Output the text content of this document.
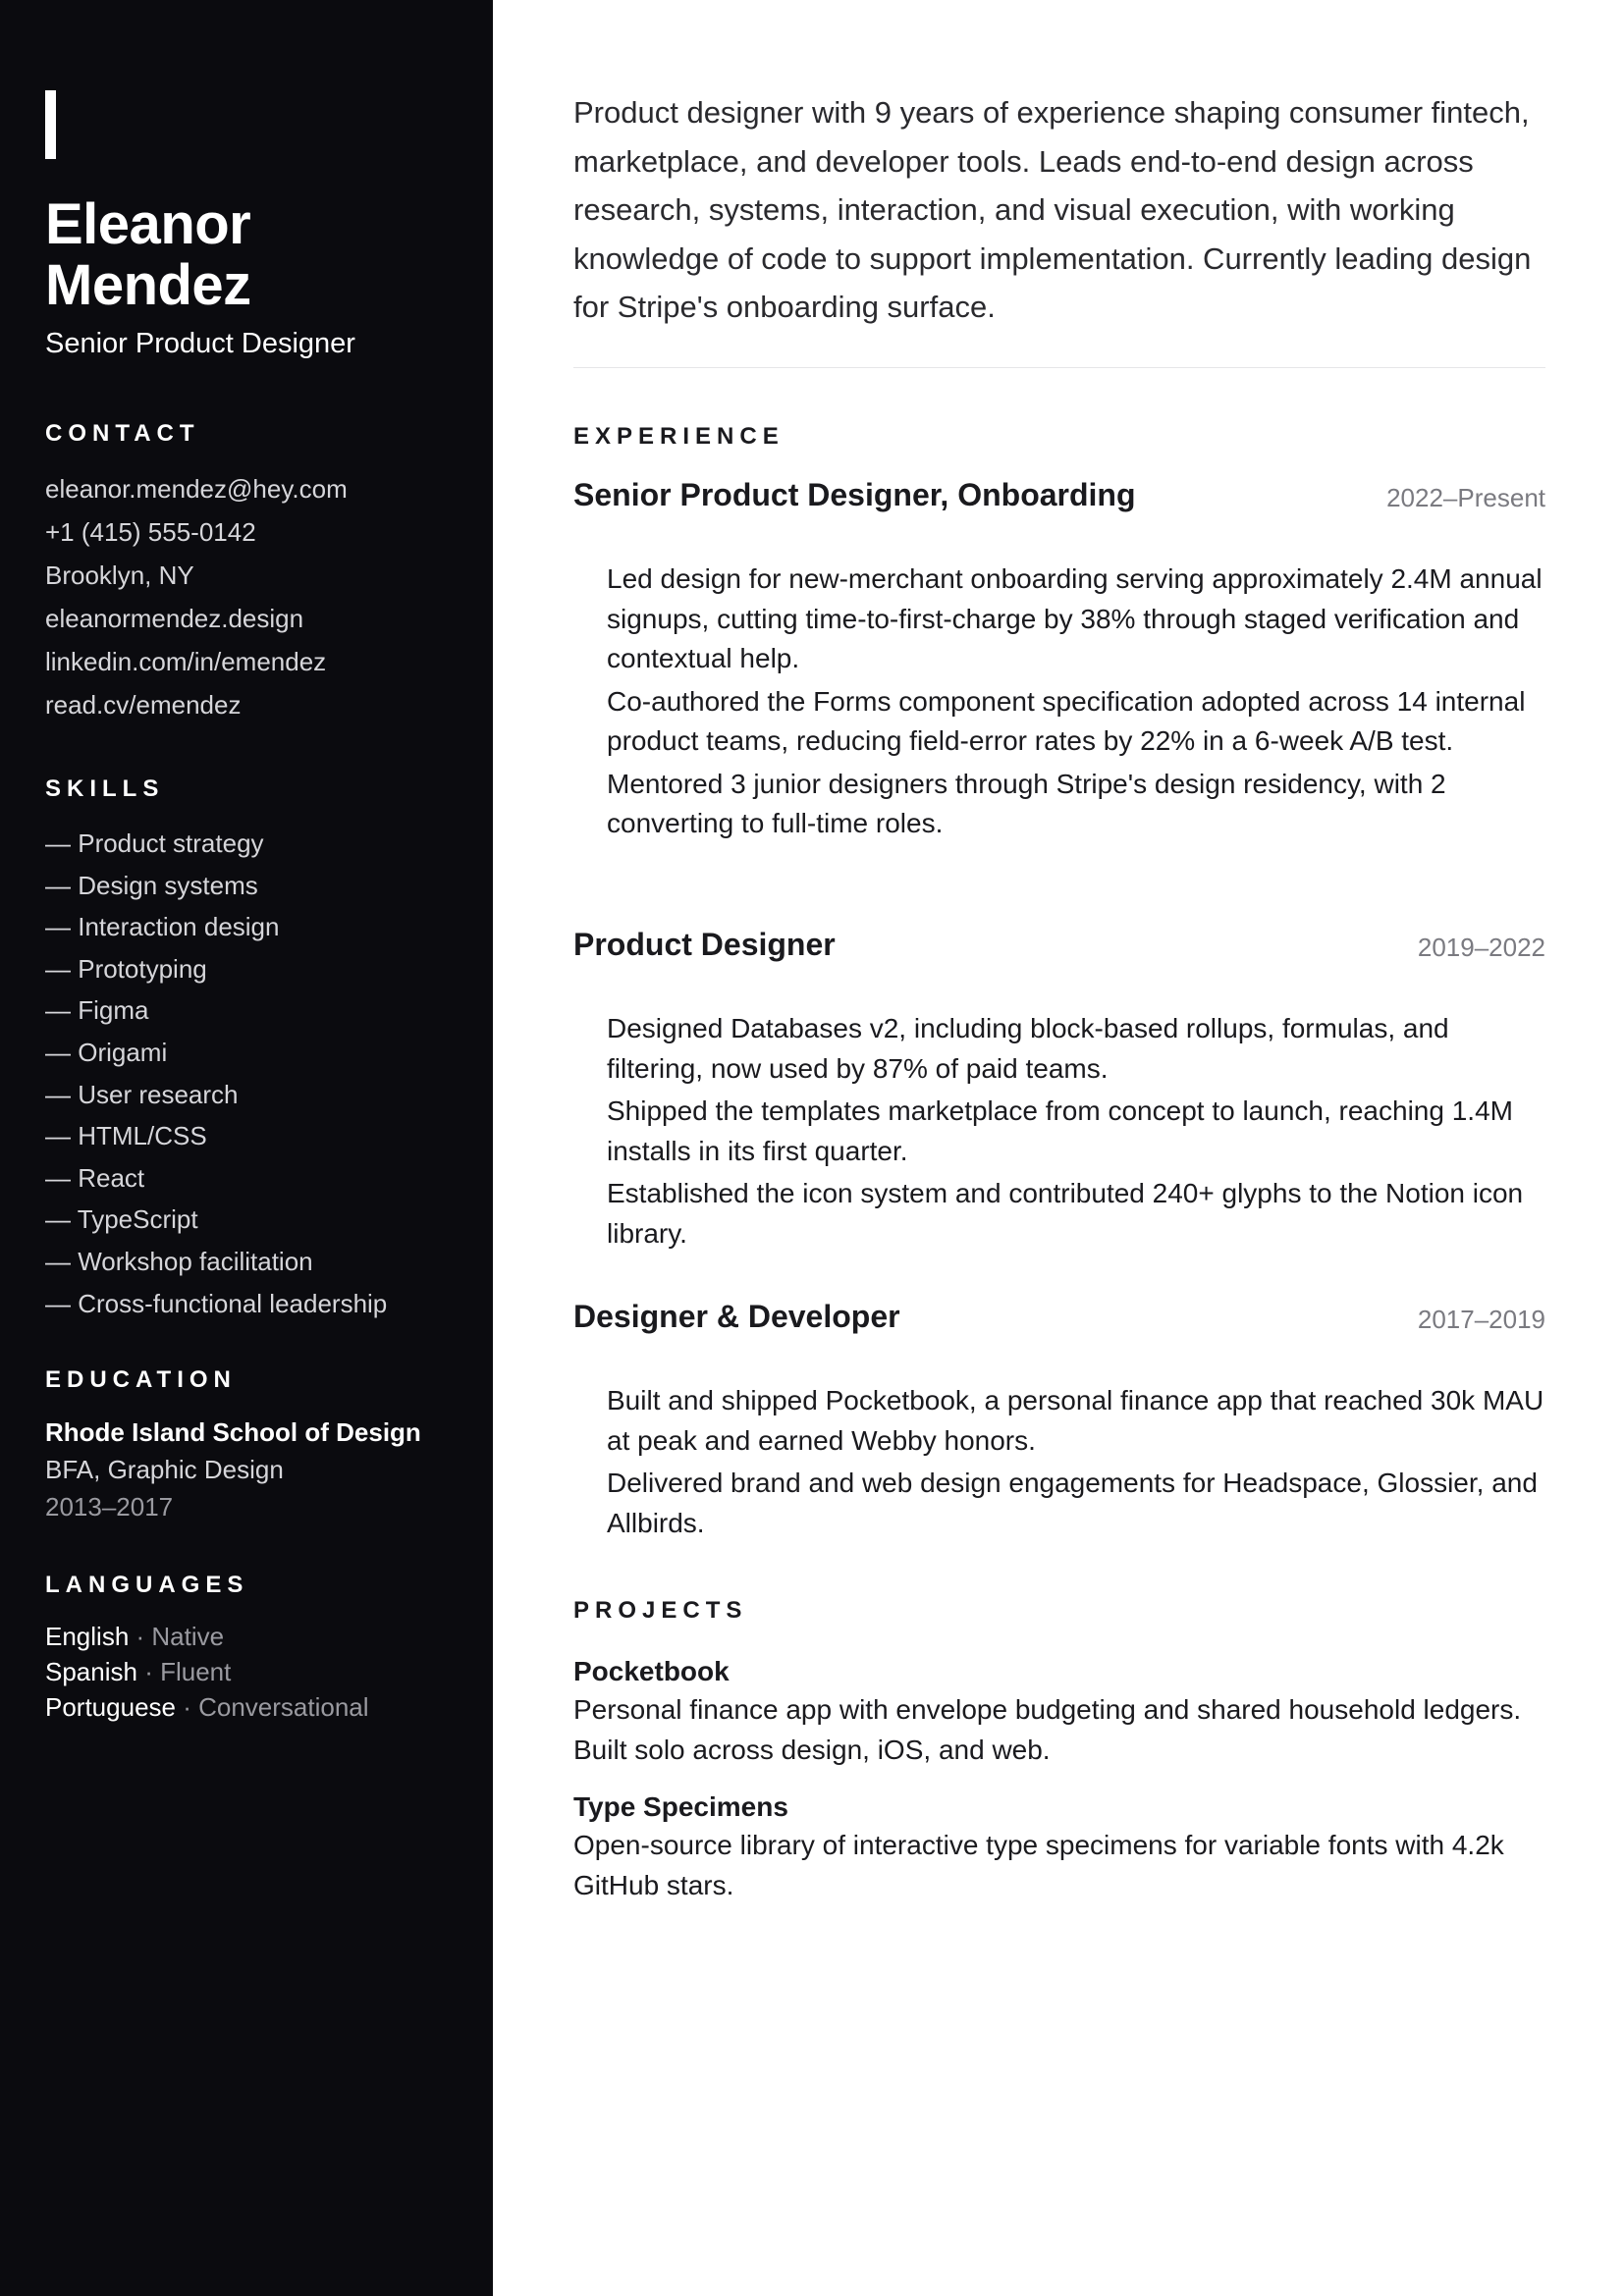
Eleanor Mendez
Senior Product Designer
CONTACT
eleanor.mendez@hey.com
+1 (415) 555-0142
Brooklyn, NY
eleanormendez.design
linkedin.com/in/emendez
read.cv/emendez
SKILLS
— Product strategy
— Design systems
— Interaction design
— Prototyping
— Figma
— Origami
— User research
— HTML/CSS
— React
— TypeScript
— Workshop facilitation
— Cross-functional leadership
EDUCATION
Rhode Island School of Design
BFA, Graphic Design
2013–2017
LANGUAGES
English · Native
Spanish · Fluent
Portuguese · Conversational

Product designer with 9 years of experience shaping consumer fintech, marketplace, and developer tools. Leads end-to-end design across research, systems, interaction, and visual execution, with working knowledge of code to support implementation. Currently leading design for Stripe's onboarding surface.

EXPERIENCE
Senior Product Designer, Onboarding	2022–Present
Led design for new-merchant onboarding serving approximately 2.4M annual signups, cutting time-to-first-charge by 38% through staged verification and contextual help.
Co-authored the Forms component specification adopted across 14 internal product teams, reducing field-error rates by 22% in a 6-week A/B test.
Mentored 3 junior designers through Stripe's design residency, with 2 converting to full-time roles.
Product Designer	2019–2022
Designed Databases v2, including block-based rollups, formulas, and filtering, now used by 87% of paid teams.
Shipped the templates marketplace from concept to launch, reaching 1.4M installs in its first quarter.
Established the icon system and contributed 240+ glyphs to the Notion icon library.
Designer & Developer	2017–2019
Built and shipped Pocketbook, a personal finance app that reached 30k MAU at peak and earned Webby honors.
Delivered brand and web design engagements for Headspace, Glossier, and Allbirds.
PROJECTS
Pocketbook
Personal finance app with envelope budgeting and shared household ledgers. Built solo across design, iOS, and web.
Type Specimens
Open-source library of interactive type specimens for variable fonts with 4.2k GitHub stars.
